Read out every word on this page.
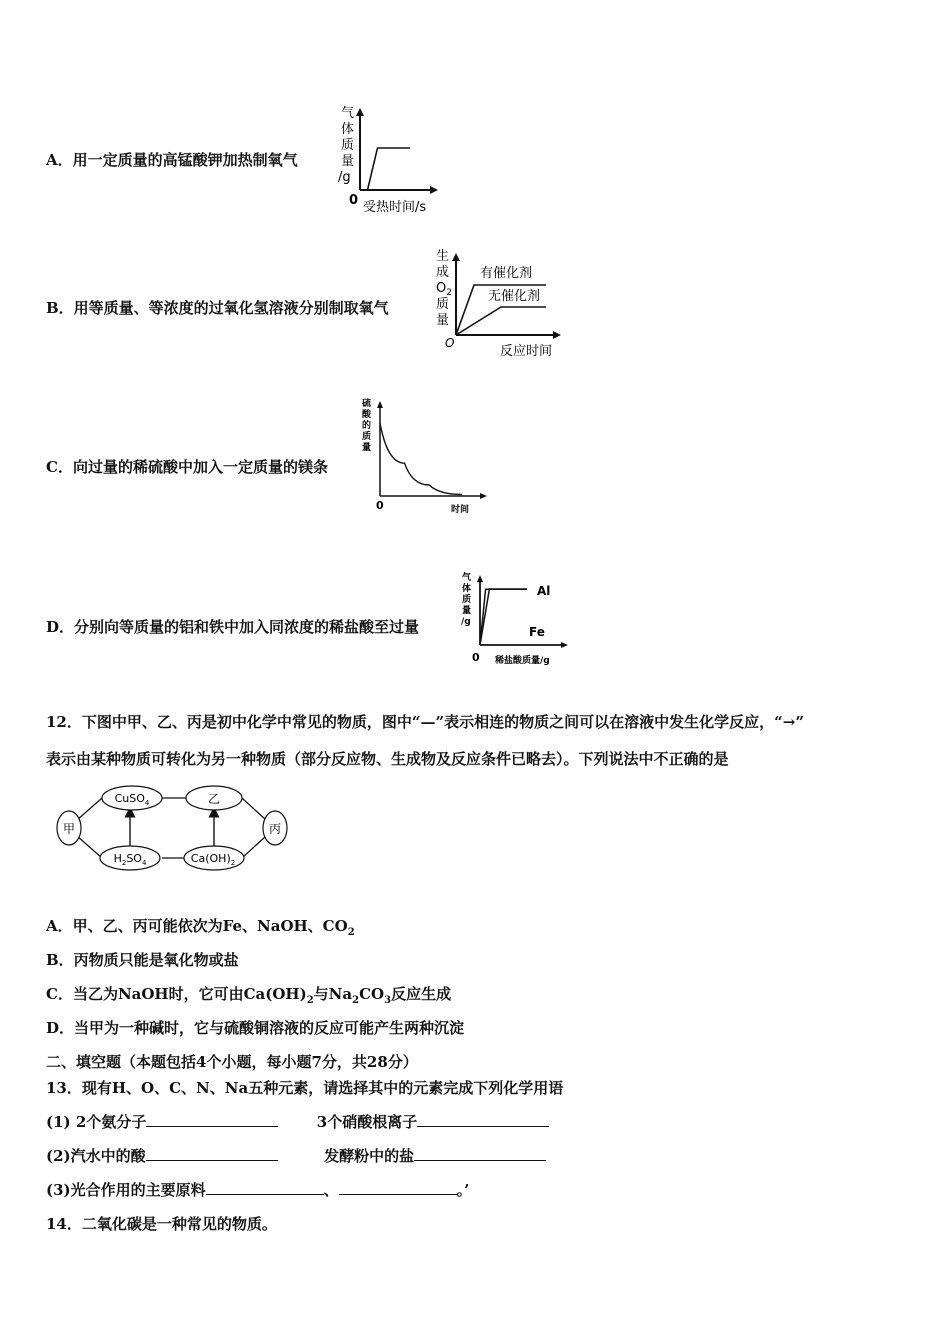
A．用一定质量的高锰酸钾加热制氧气
气
体
质
量
/g
0 受热时间/s
B．用等质量、等浓度的过氧化氢溶液分别制取氧气
生
成
$O_2$
质
量
有催化剂
无催化剂
O
反应时间
C．向过量的稀硫酸中加入一定质量的镁条
硫
酸
的
质
量
0	时间
D．分别向等质量的铝和铁中加入同浓度的稀盐酸至过量
气
体
质
量
/g
Al
Fe
0 稀盐酸质量/g
12．下图中甲、乙、丙是初中化学中常见的物质，图中“—”表示相连的物质之间可以在溶液中发生化学反应，“→”
表示由某种物质可转化为另一种物质（部分反应物、生成物及反应条件已略去）。下列说法中不正确的是
甲
CuSO$_4$	乙
丙
$H_2SO_4$	$Ca(OH)_2$
A．甲、乙、丙可能依次为Fe、NaOH、$CO_2$
B．丙物质只能是氧化物或盐
C．当乙为NaOH时，它可由$Ca(OH)_2$与$Na_2CO_3$反应生成
D．当甲为一种碱时，它与硫酸铜溶液的反应可能产生两种沉淀
二、填空题（本题包括4个小题，每小题7分，共28分）
13．现有H、O、C、N、Na五种元素，请选择其中的元素完成下列化学用语
(1) 2个氨分子	3个硝酸根离子
(2)汽水中的酸	发酵粉中的盐
(3)光合作用的主要原料	、	。’
14．二氧化碳是一种常见的物质。
